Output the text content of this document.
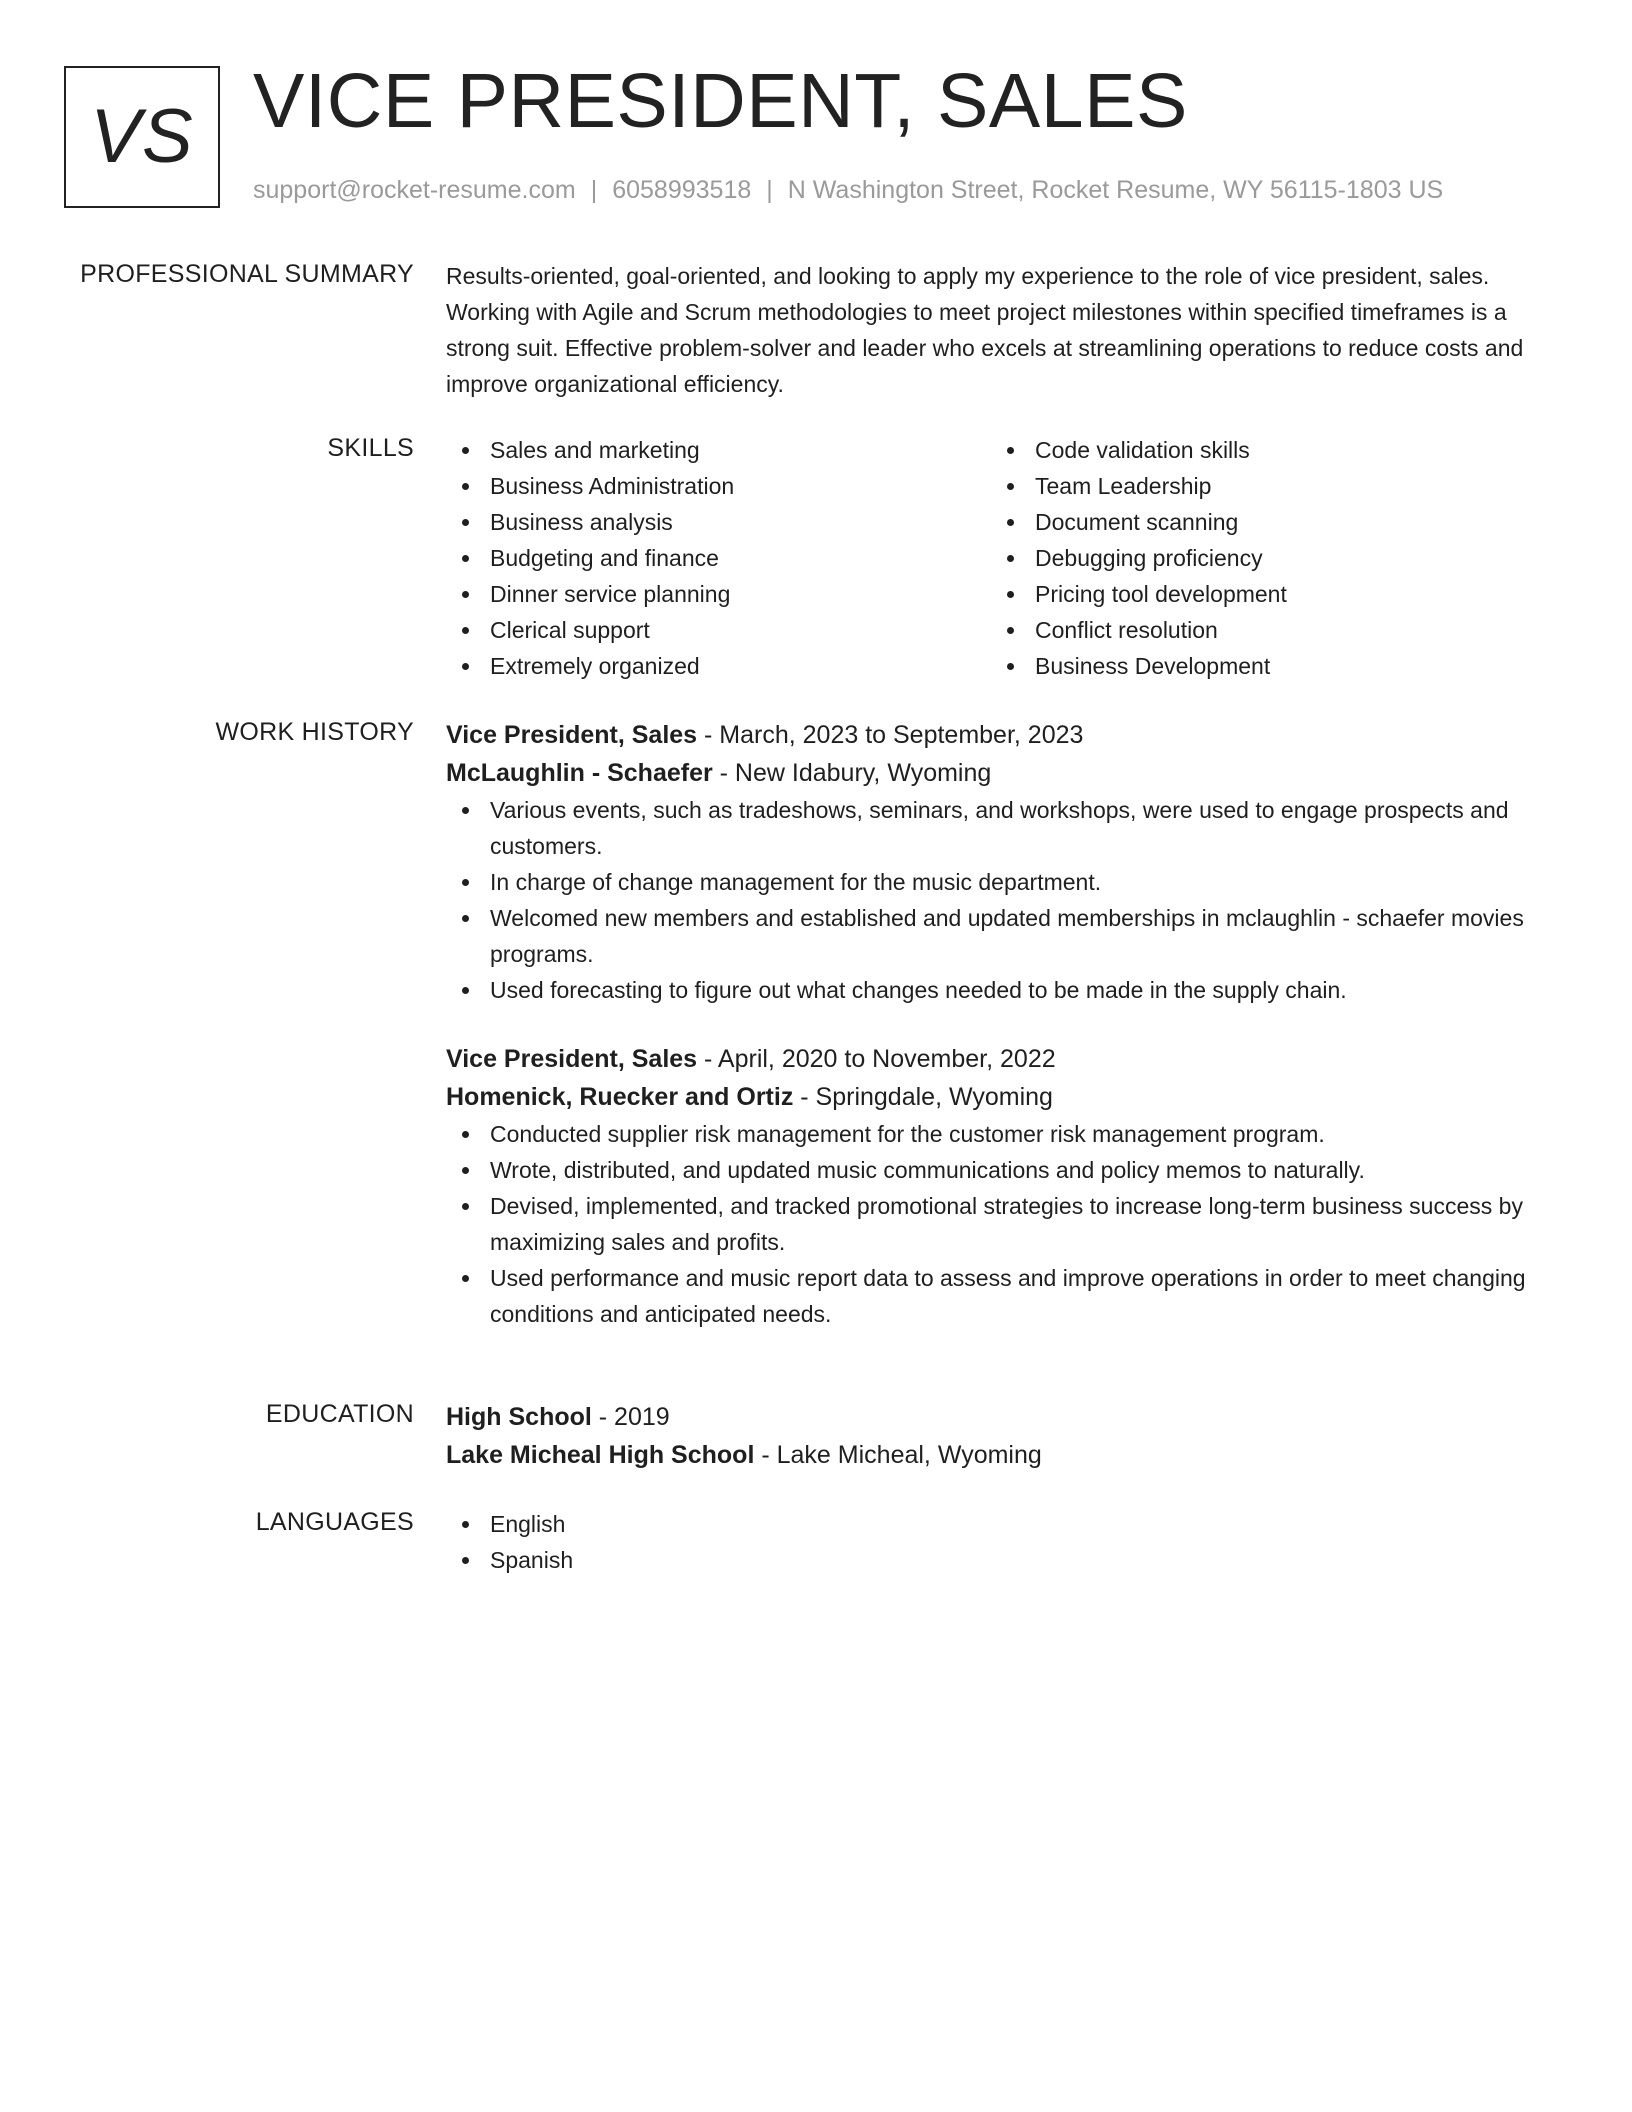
VS VICE PRESIDENT, SALES
support@rocket-resume.com | 6058993518 | N Washington Street, Rocket Resume, WY 56115-1803 US
PROFESSIONAL SUMMARY Results-oriented, goal-oriented, and looking to apply my experience to the role of vice president, sales. Working with Agile and Scrum methodologies to meet project milestones within specified timeframes is a strong suit. Effective problem-solver and leader who excels at streamlining operations to reduce costs and improve organizational efficiency.

SKILLS	Sales and marketing
Business Administration
Business analysis
Budgeting and finance
Dinner service planning
Clerical support
Extremely organized
Code validation skills
Team Leadership
Document scanning
Debugging proficiency
Pricing tool development
Conflict resolution
Business Development
WORK HISTORY Vice President, Sales - March, 2023 to September, 2023
McLaughlin - Schaefer - New Idabury, Wyoming
Various events, such as tradeshows, seminars, and workshops, were used to engage prospects and customers.
In charge of change management for the music department.
Welcomed new members and established and updated memberships in mclaughlin - schaefer movies programs.
Used forecasting to figure out what changes needed to be made in the supply chain.
Vice President, Sales - April, 2020 to November, 2022
Homenick, Ruecker and Ortiz - Springdale, Wyoming
Conducted supplier risk management for the customer risk management program.
Wrote, distributed, and updated music communications and policy memos to naturally.
Devised, implemented, and tracked promotional strategies to increase long-term business success by maximizing sales and profits.
Used performance and music report data to assess and improve operations in order to meet changing conditions and anticipated needs.
EDUCATION High School - 2019
Lake Micheal High School - Lake Micheal, Wyoming
LANGUAGES	English
Spanish
